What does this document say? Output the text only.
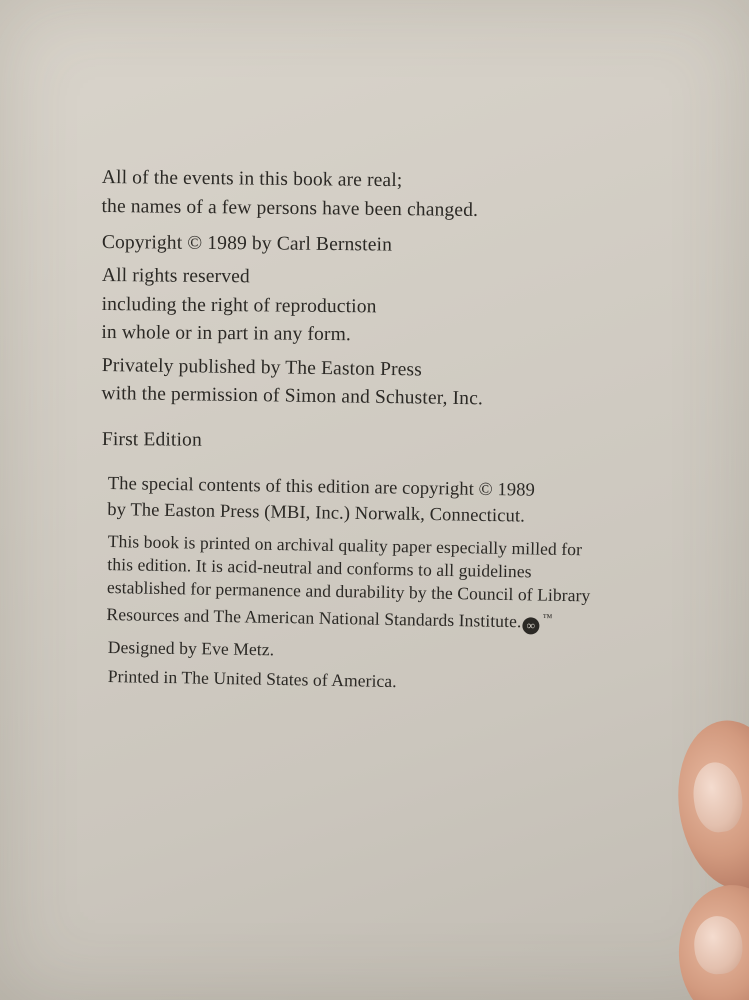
All of the events in this book are real;
the names of a few persons have been changed.

Copyright © 1989 by Carl Bernstein

All rights reserved
including the right of reproduction
in whole or in part in any form.

Privately published by The Easton Press
with the permission of Simon and Schuster, Inc.

First Edition

The special contents of this edition are copyright © 1989
by The Easton Press (MBI, Inc.) Norwalk, Connecticut.

This book is printed on archival quality paper especially milled for
this edition. It is acid-neutral and conforms to all guidelines
established for permanence and durability by the Council of Library
Resources and The American National Standards Institute. ∞™

Designed by Eve Metz.

Printed in The United States of America.
